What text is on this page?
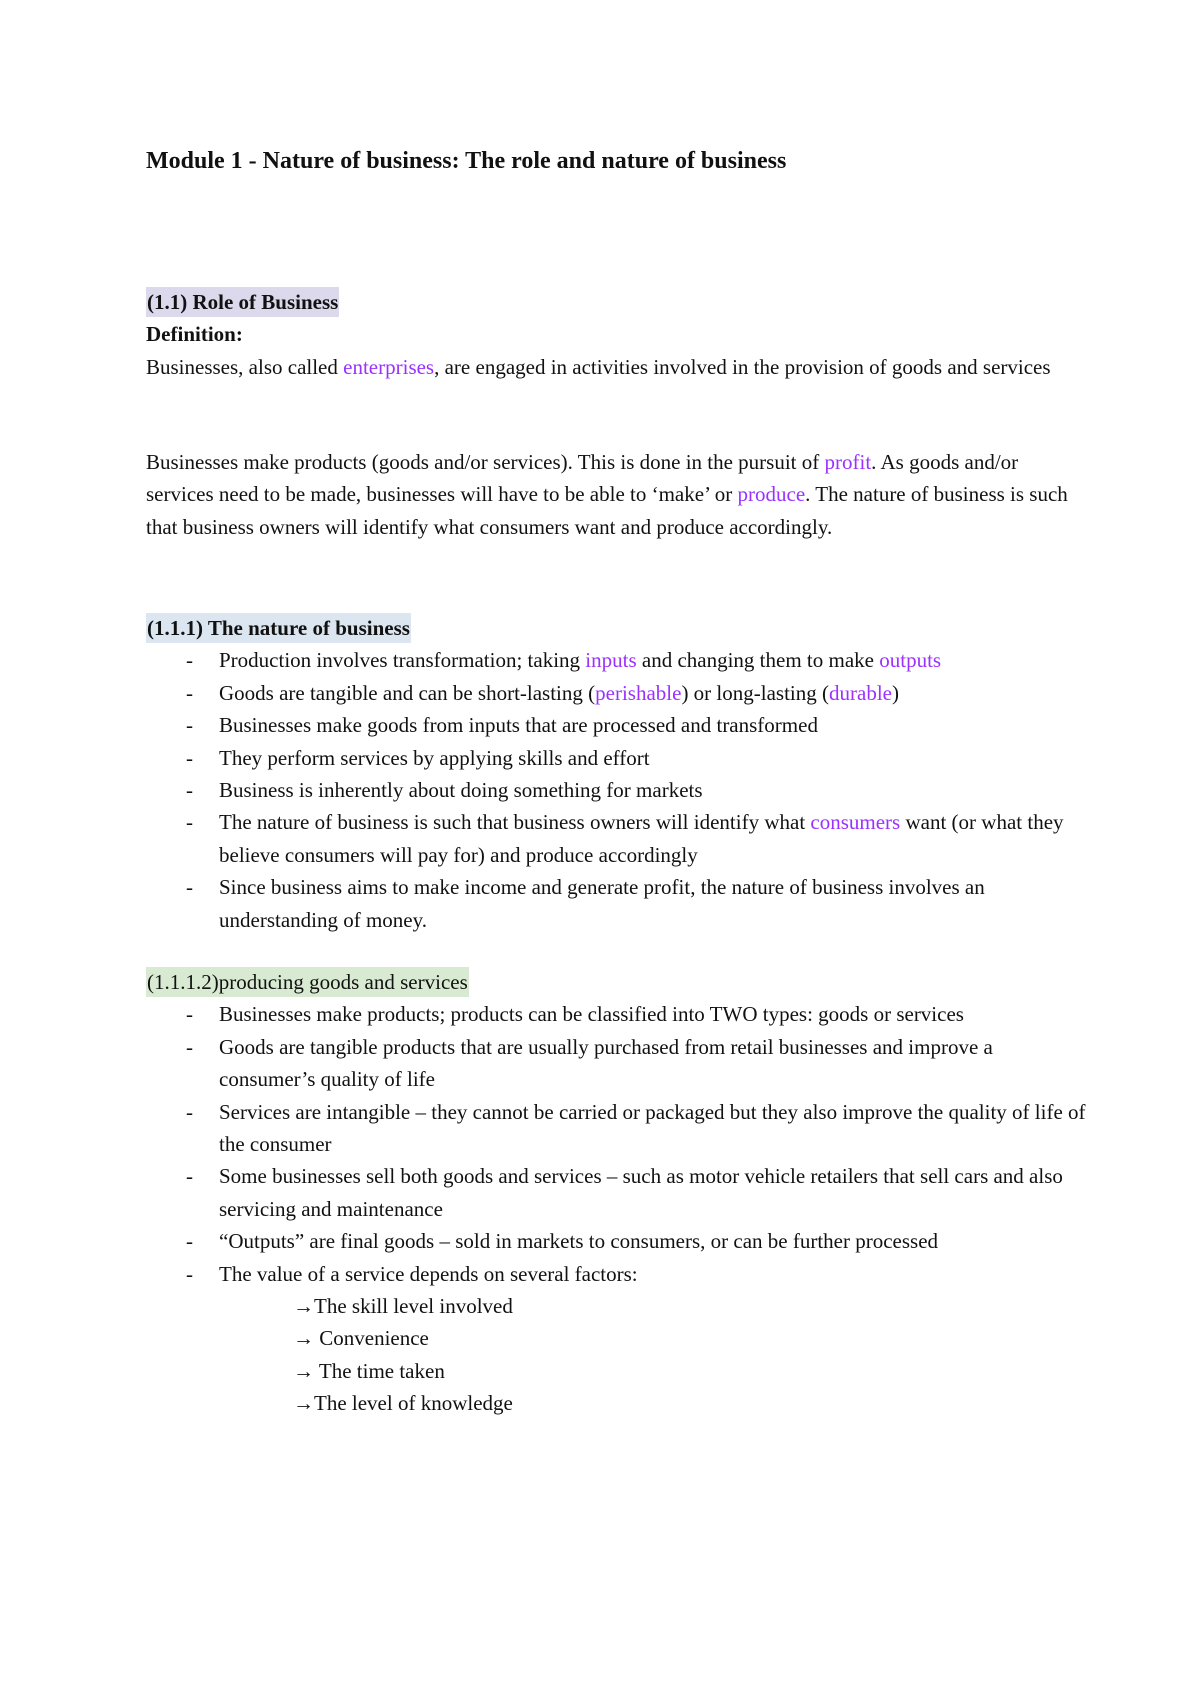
Module 1 - Nature of business: The role and nature of business
(1.1) Role of Business
Definition:
Businesses, also called enterprises, are engaged in activities involved in the provision of goods and services
Businesses make products (goods and/or services). This is done in the pursuit of profit. As goods and/or services need to be made, businesses will have to be able to ‘make’ or produce. The nature of business is such that business owners will identify what consumers want and produce accordingly.
(1.1.1) The nature of business
- Production involves transformation; taking inputs and changing them to make outputs
- Goods are tangible and can be short-lasting (perishable) or long-lasting (durable)
- Businesses make goods from inputs that are processed and transformed
- They perform services by applying skills and effort
- Business is inherently about doing something for markets
- The nature of business is such that business owners will identify what consumers want (or what they believe consumers will pay for) and produce accordingly
- Since business aims to make income and generate profit, the nature of business involves an understanding of money.
(1.1.1.2)producing goods and services
- Businesses make products; products can be classified into TWO types: goods or services
- Goods are tangible products that are usually purchased from retail businesses and improve a consumer’s quality of life
- Services are intangible – they cannot be carried or packaged but they also improve the quality of life of the consumer
- Some businesses sell both goods and services – such as motor vehicle retailers that sell cars and also servicing and maintenance
- “Outputs” are final goods – sold in markets to consumers, or can be further processed
- The value of a service depends on several factors:
→The skill level involved
→ Convenience
→ The time taken
→The level of knowledge
